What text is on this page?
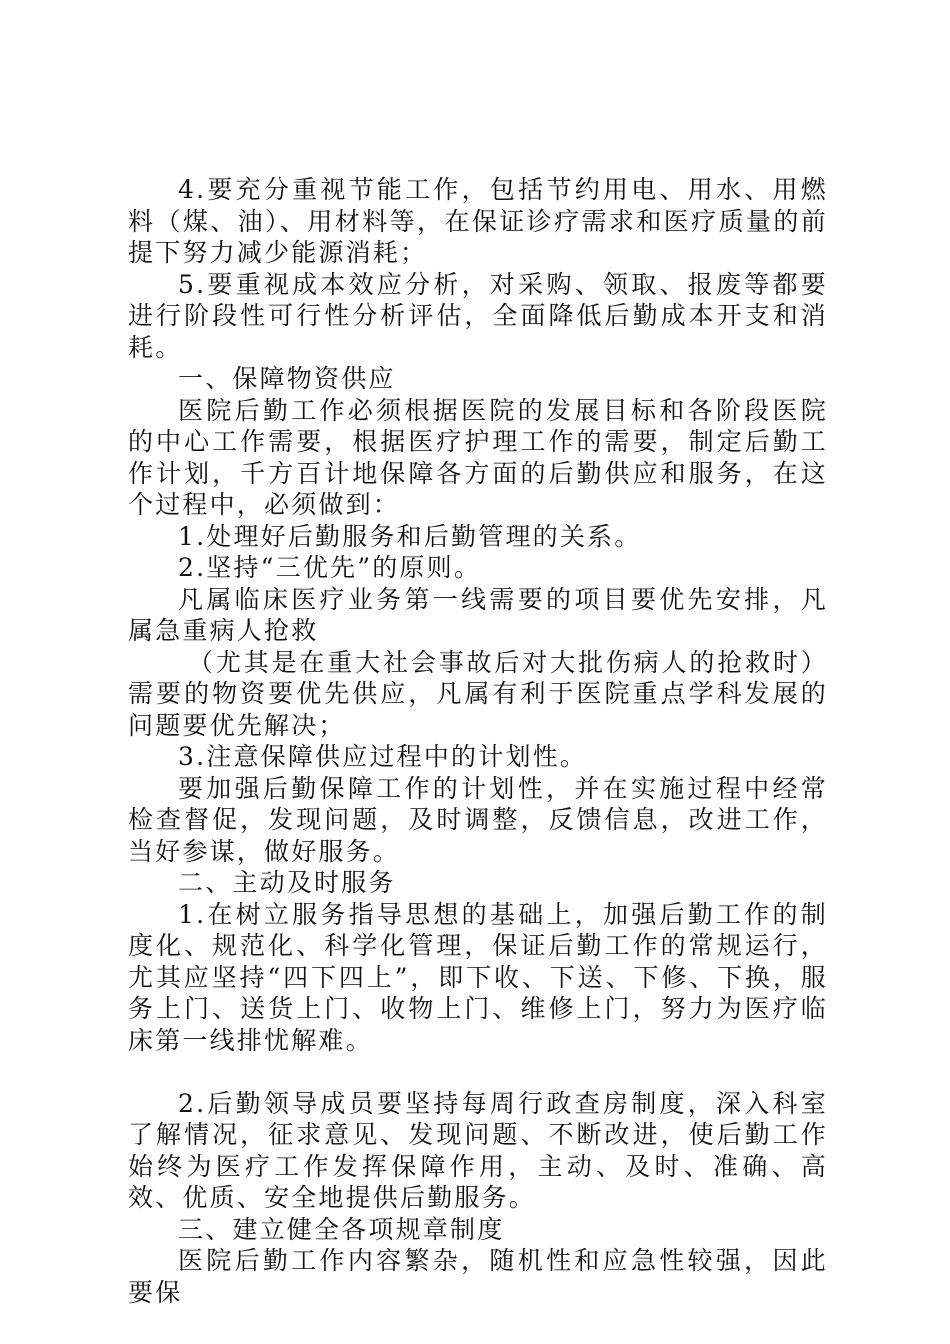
4.要充分重视节能工作，包括节约用电、用水、用燃料（煤、油）、用材料等，在保证诊疗需求和医疗质量的前提下努力减少能源消耗；

5.要重视成本效应分析，对采购、领取、报废等都要进行阶段性可行性分析评估，全面降低后勤成本开支和消耗。

一、保障物资供应

医院后勤工作必须根据医院的发展目标和各阶段医院的中心工作需要，根据医疗护理工作的需要，制定后勤工作计划，千方百计地保障各方面的后勤供应和服务，在这个过程中，必须做到：

1.处理好后勤服务和后勤管理的关系。

2.坚持“三优先”的原则。

凡属临床医疗业务第一线需要的项目要优先安排，凡属急重病人抢救

（尤其是在重大社会事故后对大批伤病人的抢救时）需要的物资要优先供应，凡属有利于医院重点学科发展的问题要优先解决；

3.注意保障供应过程中的计划性。

要加强后勤保障工作的计划性，并在实施过程中经常检查督促，发现问题，及时调整，反馈信息，改进工作，当好参谋，做好服务。

二、主动及时服务

1.在树立服务指导思想的基础上，加强后勤工作的制度化、规范化、科学化管理，保证后勤工作的常规运行，尤其应坚持“四下四上”，即下收、下送、下修、下换，服务上门、送货上门、收物上门、维修上门，努力为医疗临床第一线排忧解难。

2.后勤领导成员要坚持每周行政查房制度，深入科室了解情况，征求意见、发现问题、不断改进，使后勤工作始终为医疗工作发挥保障作用，主动、及时、准确、高效、优质、安全地提供后勤服务。

三、建立健全各项规章制度

医院后勤工作内容繁杂，随机性和应急性较强，因此要保
